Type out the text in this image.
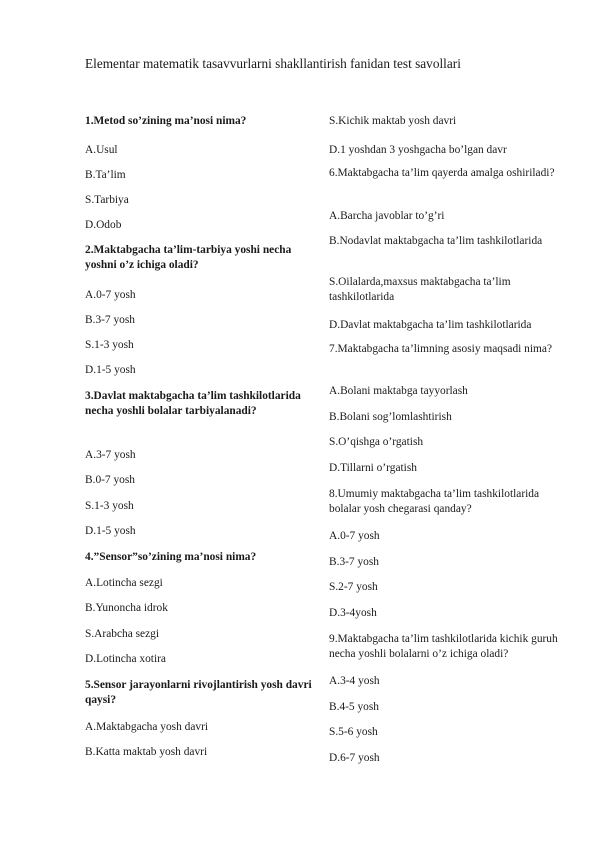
Elementar matematik tasavvurlarni shakllantirish fanidan test savollari
1.Metod so’zining ma’nosi nima?
A.Usul
B.Ta’lim
S.Tarbiya
D.Odob
2.Maktabgacha ta’lim-tarbiya yoshi necha yoshni o’z ichiga oladi?
A.0-7 yosh
B.3-7 yosh
S.1-3 yosh
D.1-5 yosh
3.Davlat maktabgacha ta’lim tashkilotlarida necha yoshli bolalar tarbiyalanadi?
A.3-7 yosh
B.0-7 yosh
S.1-3 yosh
D.1-5 yosh
4.”Sensor”so’zining ma’nosi nima?
A.Lotincha sezgi
B.Yunoncha idrok
S.Arabcha sezgi
D.Lotincha xotira
5.Sensor jarayonlarni rivojlantirish yosh davri qaysi?
A.Maktabgacha yosh davri
B.Katta maktab yosh davri
S.Kichik maktab yosh davri
D.1 yoshdan 3 yoshgacha bo’lgan davr
6.Maktabgacha ta’lim qayerda amalga oshiriladi?
A.Barcha javoblar to’g’ri
B.Nodavlat maktabgacha ta’lim tashkilotlarida
S.Oilalarda,maxsus maktabgacha ta’lim tashkilotlarida
D.Davlat maktabgacha ta’lim tashkilotlarida
7.Maktabgacha ta’limning asosiy maqsadi nima?
A.Bolani maktabga tayyorlash
B.Bolani sog’lomlashtirish
S.O’qishga o’rgatish
D.Tillarni o’rgatish
8.Umumiy maktabgacha ta’lim tashkilotlarida bolalar yosh chegarasi qanday?
A.0-7 yosh
B.3-7 yosh
S.2-7 yosh
D.3-4yosh
9.Maktabgacha ta’lim tashkilotlarida kichik guruh necha yoshli bolalarni o’z ichiga oladi?
A.3-4 yosh
B.4-5 yosh
S.5-6 yosh
D.6-7 yosh
